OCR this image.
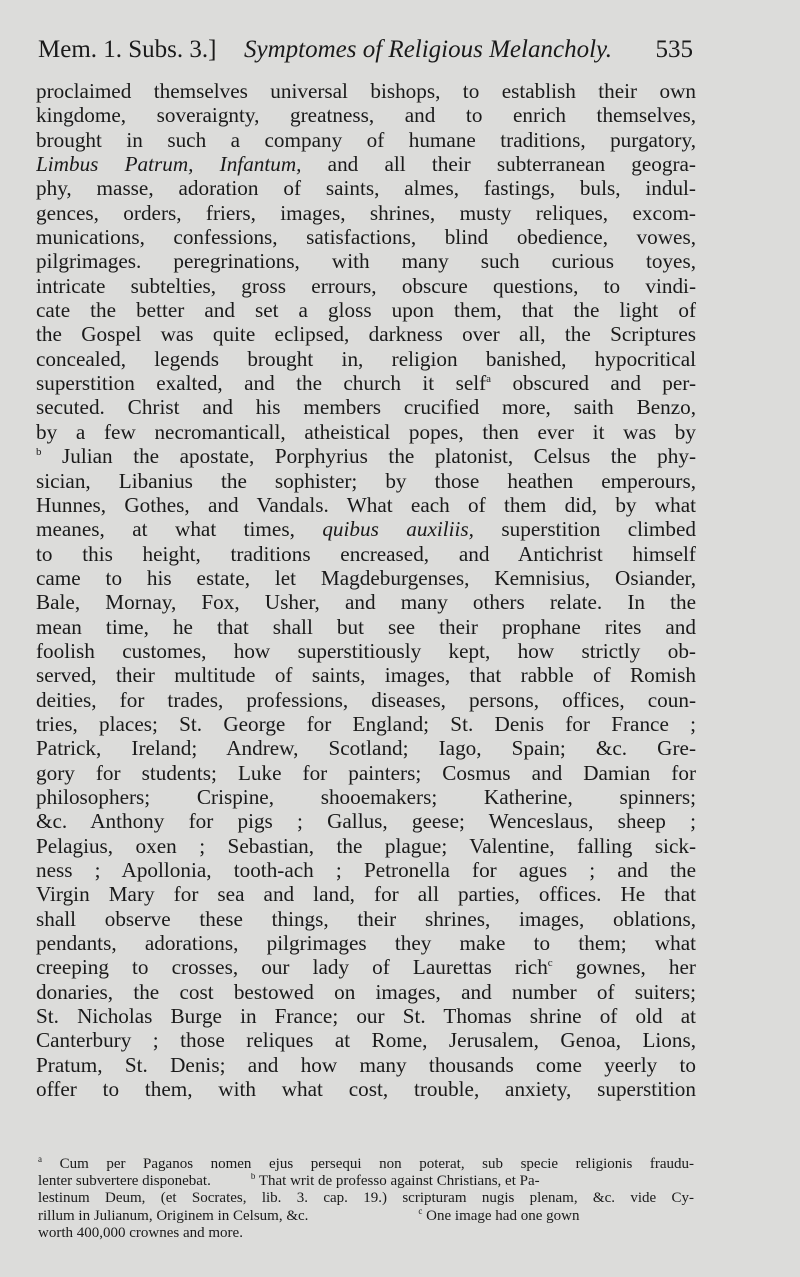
Mem. 1. Subs. 3.] Symptomes of Religious Melancholy. 535
proclaimed themselves universal bishops, to establish their own
kingdome, soveraignty, greatness, and to enrich themselves,
brought in such a company of humane traditions, purgatory,
Limbus Patrum, Infantum, and all their subterranean geogra-
phy, masse, adoration of saints, almes, fastings, buls, indul-
gences, orders, friers, images, shrines, musty reliques, excom-
munications, confessions, satisfactions, blind obedience, vowes,
pilgrimages. peregrinations, with many such curious toyes,
intricate subtelties, gross errours, obscure questions, to vindi-
cate the better and set a gloss upon them, that the light of
the Gospel was quite eclipsed, darkness over all, the Scriptures
concealed, legends brought in, religion banished, hypocritical
superstition exalted, and the church it self$^a$ obscured and per-
secuted. Christ and his members crucified more, saith Benzo,
by a few necromanticall, atheistical popes, then ever it was by
$^b$ Julian the apostate, Porphyrius the platonist, Celsus the phy-
sician, Libanius the sophister; by those heathen emperours,
Hunnes, Gothes, and Vandals. What each of them did, by what
meanes, at what times, quibus auxiliis, superstition climbed
to this height, traditions encreased, and Antichrist himself
came to his estate, let Magdeburgenses, Kemnisius, Osiander,
Bale, Mornay, Fox, Usher, and many others relate. In the
mean time, he that shall but see their prophane rites and
foolish customes, how superstitiously kept, how strictly ob-
served, their multitude of saints, images, that rabble of Romish
deities, for trades, professions, diseases, persons, offices, coun-
tries, places; St. George for England; St. Denis for France ;
Patrick, Ireland; Andrew, Scotland; Iago, Spain; &c. Gre-
gory for students; Luke for painters; Cosmus and Damian for
philosophers; Crispine, shooemakers; Katherine, spinners;
&c. Anthony for pigs ; Gallus, geese; Wenceslaus, sheep ;
Pelagius, oxen ; Sebastian, the plague; Valentine, falling sick-
ness ; Apollonia, tooth-ach ; Petronella for agues ; and the
Virgin Mary for sea and land, for all parties, offices. He that
shall observe these things, their shrines, images, oblations,
pendants, adorations, pilgrimages they make to them; what
creeping to crosses, our lady of Laurettas rich$^c$ gownes, her
donaries, the cost bestowed on images, and number of suiters;
St. Nicholas Burge in France; our St. Thomas shrine of old at
Canterbury ; those reliques at Rome, Jerusalem, Genoa, Lions,
Pratum, St. Denis; and how many thousands come yeerly to
offer to them, with what cost, trouble, anxiety, superstition
$^a$ Cum per Paganos nomen ejus persequi non poterat, sub specie religionis fraudu-
lenter subvertere disponebat.	$^b$ That writ de professo against Christians, et Pa-
lestinum Deum, (et Socrates, lib. 3. cap. 19.) scripturam nugis plenam, &c. vide Cy-
rillum in Julianum, Originem in Celsum, &c.	$^c$ One image had one gown
worth 400,000 crownes and more.
